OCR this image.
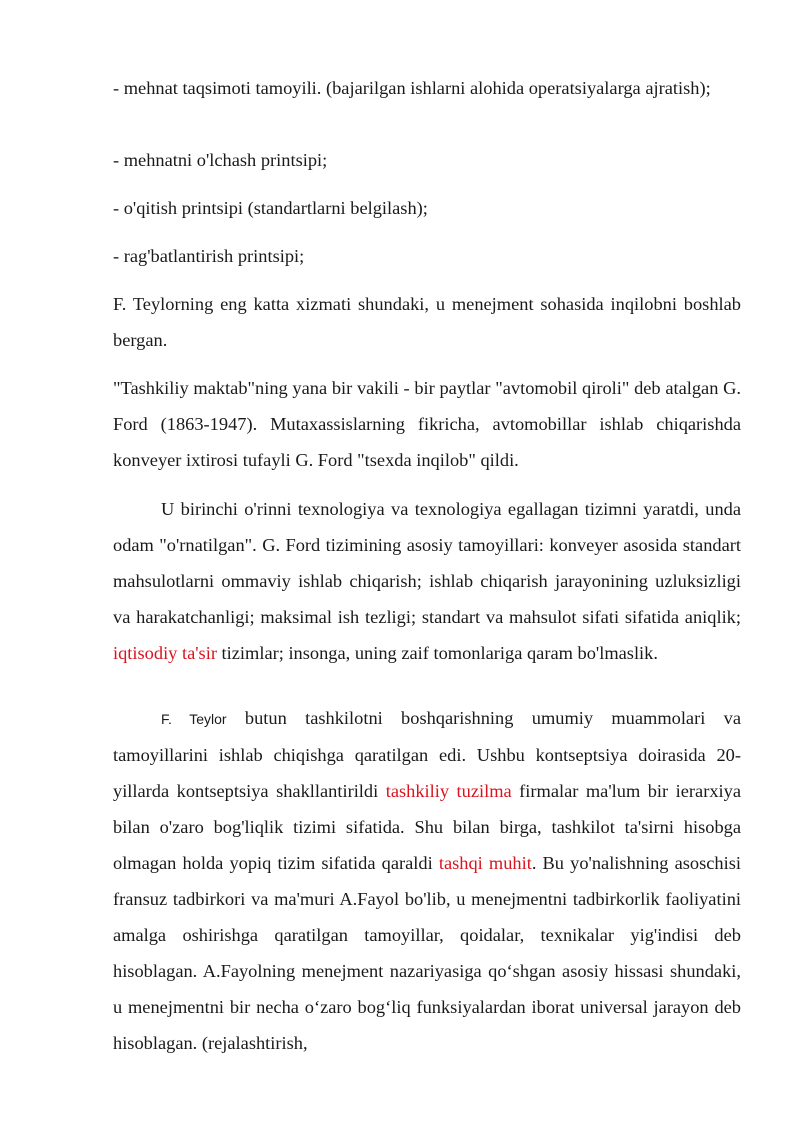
- mehnat taqsimoti tamoyili. (bajarilgan ishlarni alohida operatsiyalarga ajratish);

- mehnatni o'lchash printsipi;

- o'qitish printsipi (standartlarni belgilash);

- rag'batlantirish printsipi;

F. Teylorning eng katta xizmati shundaki, u menejment sohasida inqilobni boshlab bergan.

"Tashkiliy maktab"ning yana bir vakili - bir paytlar "avtomobil qiroli" deb atalgan G. Ford (1863-1947). Mutaxassislarning fikricha, avtomobillar ishlab chiqarishda konveyer ixtirosi tufayli G. Ford "tsexda inqilob" qildi.

U birinchi o'rinni texnologiya va texnologiya egallagan tizimni yaratdi, unda odam "o'rnatilgan". G. Ford tizimining asosiy tamoyillari: konveyer asosida standart mahsulotlarni ommaviy ishlab chiqarish; ishlab chiqarish jarayonining uzluksizligi va harakatchanligi; maksimal ish tezligi; standart va mahsulot sifati sifatida aniqlik; iqtisodiy ta'sir tizimlar; insonga, uning zaif tomonlariga qaram bo'lmaslik.

F. Teylor butun tashkilotni boshqarishning umumiy muammolari va tamoyillarini ishlab chiqishga qaratilgan edi. Ushbu kontseptsiya doirasida 20-yillarda kontseptsiya shakllantirildi tashkiliy tuzilma firmalar ma'lum bir ierarxiya bilan o'zaro bog'liqlik tizimi sifatida. Shu bilan birga, tashkilot ta'sirni hisobga olmagan holda yopiq tizim sifatida qaraldi tashqi muhit. Bu yo'nalishning asoschisi fransuz tadbirkori va ma'muri A.Fayol bo'lib, u menejmentni tadbirkorlik faoliyatini amalga oshirishga qaratilgan tamoyillar, qoidalar, texnikalar yig'indisi deb hisoblagan. A.Fayolning menejment nazariyasiga qo‘shgan asosiy hissasi shundaki, u menejmentni bir necha o‘zaro bog‘liq funksiyalardan iborat universal jarayon deb hisoblagan. (rejalashtirish,
